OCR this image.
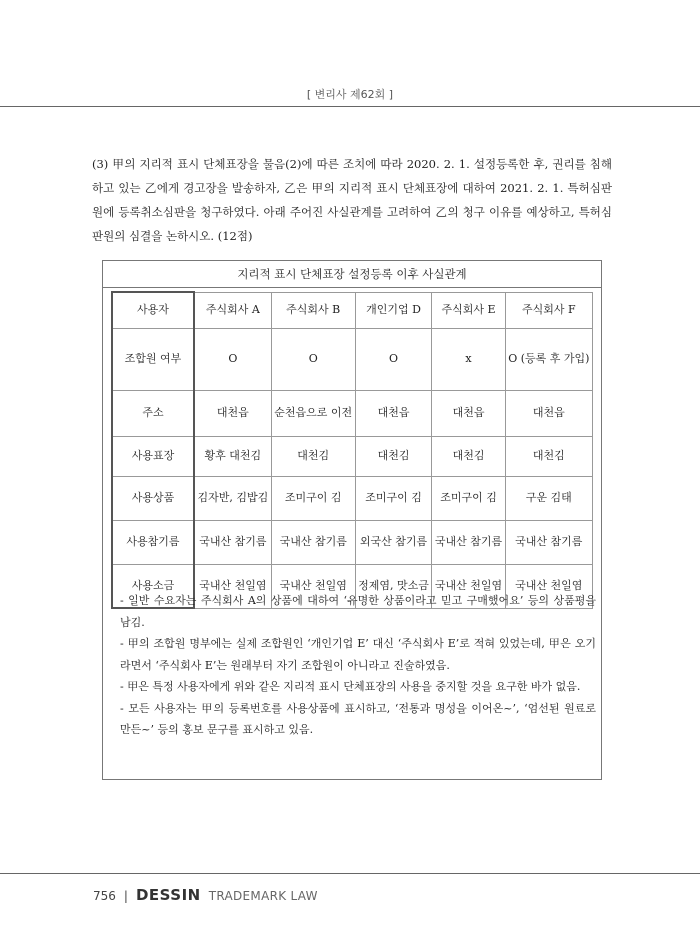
[ 변리사 제62회 ]
(3) 甲의 지리적 표시 단체표장을 물음(2)에 따른 조치에 따라 2020. 2. 1. 설정등록한 후, 권리를 침해하고 있는 乙에게 경고장을 발송하자, 乙은 甲의 지리적 표시 단체표장에 대하여 2021. 2. 1. 특허심판원에 등록취소심판을 청구하였다. 아래 주어진 사실관계를 고려하여 乙의 청구 이유를 예상하고, 특허심판원의 심결을 논하시오. (12점)
지리적 표시 단체표장 설정등록 이후 사실관계
사용자	주식회사 A	주식회사 B	개인기업 D	주식회사 E	주식회사 F
조합원 여부	O	O	O	x	O (등록 후 가입)
주소	대천읍	순천읍으로 이전	대천읍	대천읍	대천읍
사용표장	황후 대천김	대천김	대천김	대천김	대천김
사용상품	김자반, 김밥김	조미구이 김	조미구이 김	조미구이 김	구운 김태
사용참기름	국내산 참기름	국내산 참기름	외국산 참기름	국내산 참기름	국내산 참기름
사용소금	국내산 천일염	국내산 천일염	정제염, 맛소금	국내산 천일염	국내산 천일염

- 일반 수요자는 주식회사 A의 상품에 대하여 ‘유명한 상품이라고 믿고 구매했어요’ 등의 상품평을 남김.

- 甲의 조합원 명부에는 실제 조합원인 ‘개인기업 E’ 대신 ‘주식회사 E’로 적혀 있었는데, 甲은 오기라면서 ‘주식회사 E’는 원래부터 자기 조합원이 아니라고 진술하였음.

- 甲은 특정 사용자에게 위와 같은 지리적 표시 단체표장의 사용을 중지할 것을 요구한 바가 없음.

- 모든 사용자는 甲의 등록번호를 사용상품에 표시하고, ‘전통과 명성을 이어온~’, ‘엄선된 원료로 만든~’ 등의 홍보 문구를 표시하고 있음.

756 | DESSIN TRADEMARK LAW
